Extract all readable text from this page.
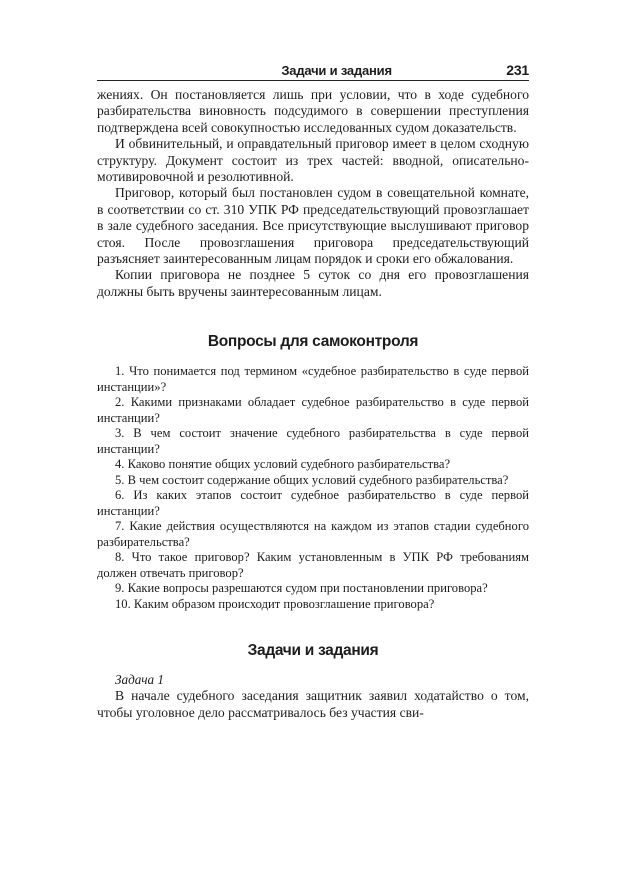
Задачи и задания	231

жениях. Он постановляется лишь при условии, что в ходе судебного разбирательства виновность подсудимого в совершении преступления подтверждена всей совокупностью исследованных судом доказательств.

И обвинительный, и оправдательный приговор имеет в целом сходную структуру. Документ состоит из трех частей: вводной, описательно-мотивировочной и резолютивной.

Приговор, который был постановлен судом в совещательной комнате, в соответствии со ст. 310 УПК РФ председательствующий провозглашает в зале судебного заседания. Все присутствующие выслушивают приговор стоя. После провозглашения приговора председательствующий разъясняет заинтересованным лицам порядок и сроки его обжалования.

Копии приговора не позднее 5 суток со дня его провозглашения должны быть вручены заинтересованным лицам.

Вопросы для самоконтроля

1. Что понимается под термином «судебное разбирательство в суде первой инстанции»?

2. Какими признаками обладает судебное разбирательство в суде первой инстанции?

3. В чем состоит значение судебного разбирательства в суде первой инстанции?

4. Каково понятие общих условий судебного разбирательства?

5. В чем состоит содержание общих условий судебного разбирательства?

6. Из каких этапов состоит судебное разбирательство в суде первой инстанции?

7. Какие действия осуществляются на каждом из этапов стадии судебного разбирательства?

8. Что такое приговор? Каким установленным в УПК РФ требованиям должен отвечать приговор?

9. Какие вопросы разрешаются судом при постановлении приговора?

10. Каким образом происходит провозглашение приговора?

Задачи и задания
Задача 1

В начале судебного заседания защитник заявил ходатайство о том, чтобы уголовное дело рассматривалось без участия сви-
